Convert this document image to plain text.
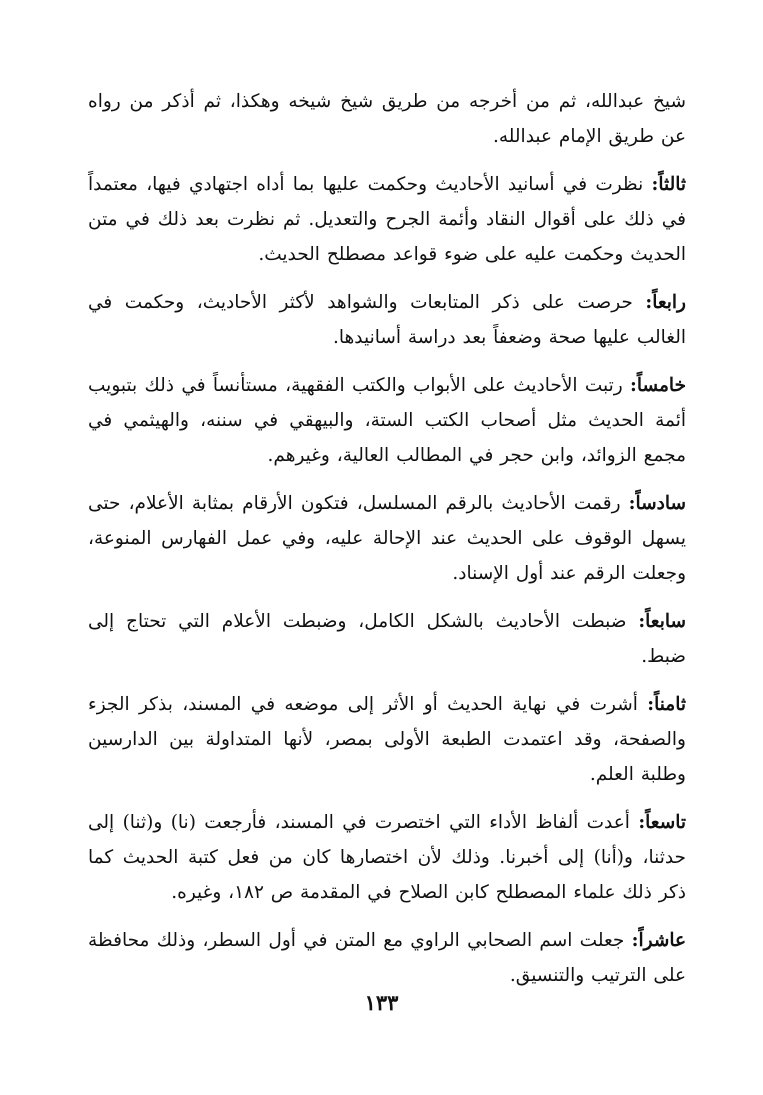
شيخ عبدالله، ثم من أخرجه من طريق شيخ شيخه وهكذا، ثم أذكر من رواه عن طريق الإمام عبدالله.

ثالثاً: نظرت في أسانيد الأحاديث وحكمت عليها بما أداه اجتهادي فيها، معتمداً في ذلك على أقوال النقاد وأئمة الجرح والتعديل. ثم نظرت بعد ذلك في متن الحديث وحكمت عليه على ضوء قواعد مصطلح الحديث.

رابعاً: حرصت على ذكر المتابعات والشواهد لأكثر الأحاديث، وحكمت في الغالب عليها صحة وضعفاً بعد دراسة أسانيدها.

خامساً: رتبت الأحاديث على الأبواب والكتب الفقهية، مستأنساً في ذلك بتبويب أئمة الحديث مثل أصحاب الكتب الستة، والبيهقي في سننه، والهيثمي في مجمع الزوائد، وابن حجر في المطالب العالية، وغيرهم.

سادساً: رقمت الأحاديث بالرقم المسلسل، فتكون الأرقام بمثابة الأعلام، حتى يسهل الوقوف على الحديث عند الإحالة عليه، وفي عمل الفهارس المنوعة، وجعلت الرقم عند أول الإسناد.

سابعاً: ضبطت الأحاديث بالشكل الكامل، وضبطت الأعلام التي تحتاج إلى ضبط.

ثامناً: أشرت في نهاية الحديث أو الأثر إلى موضعه في المسند، بذكر الجزء والصفحة، وقد اعتمدت الطبعة الأولى بمصر، لأنها المتداولة بين الدارسين وطلبة العلم.

تاسعاً: أعدت ألفاظ الأداء التي اختصرت في المسند، فأرجعت (نا) و(ثنا) إلى حدثنا، و(أنا) إلى أخبرنا. وذلك لأن اختصارها كان من فعل كتبة الحديث كما ذكر ذلك علماء المصطلح كابن الصلاح في المقدمة ص ١٨٢، وغيره.

عاشراً: جعلت اسم الصحابي الراوي مع المتن في أول السطر، وذلك محافظة على الترتيب والتنسيق.

١٣٣
